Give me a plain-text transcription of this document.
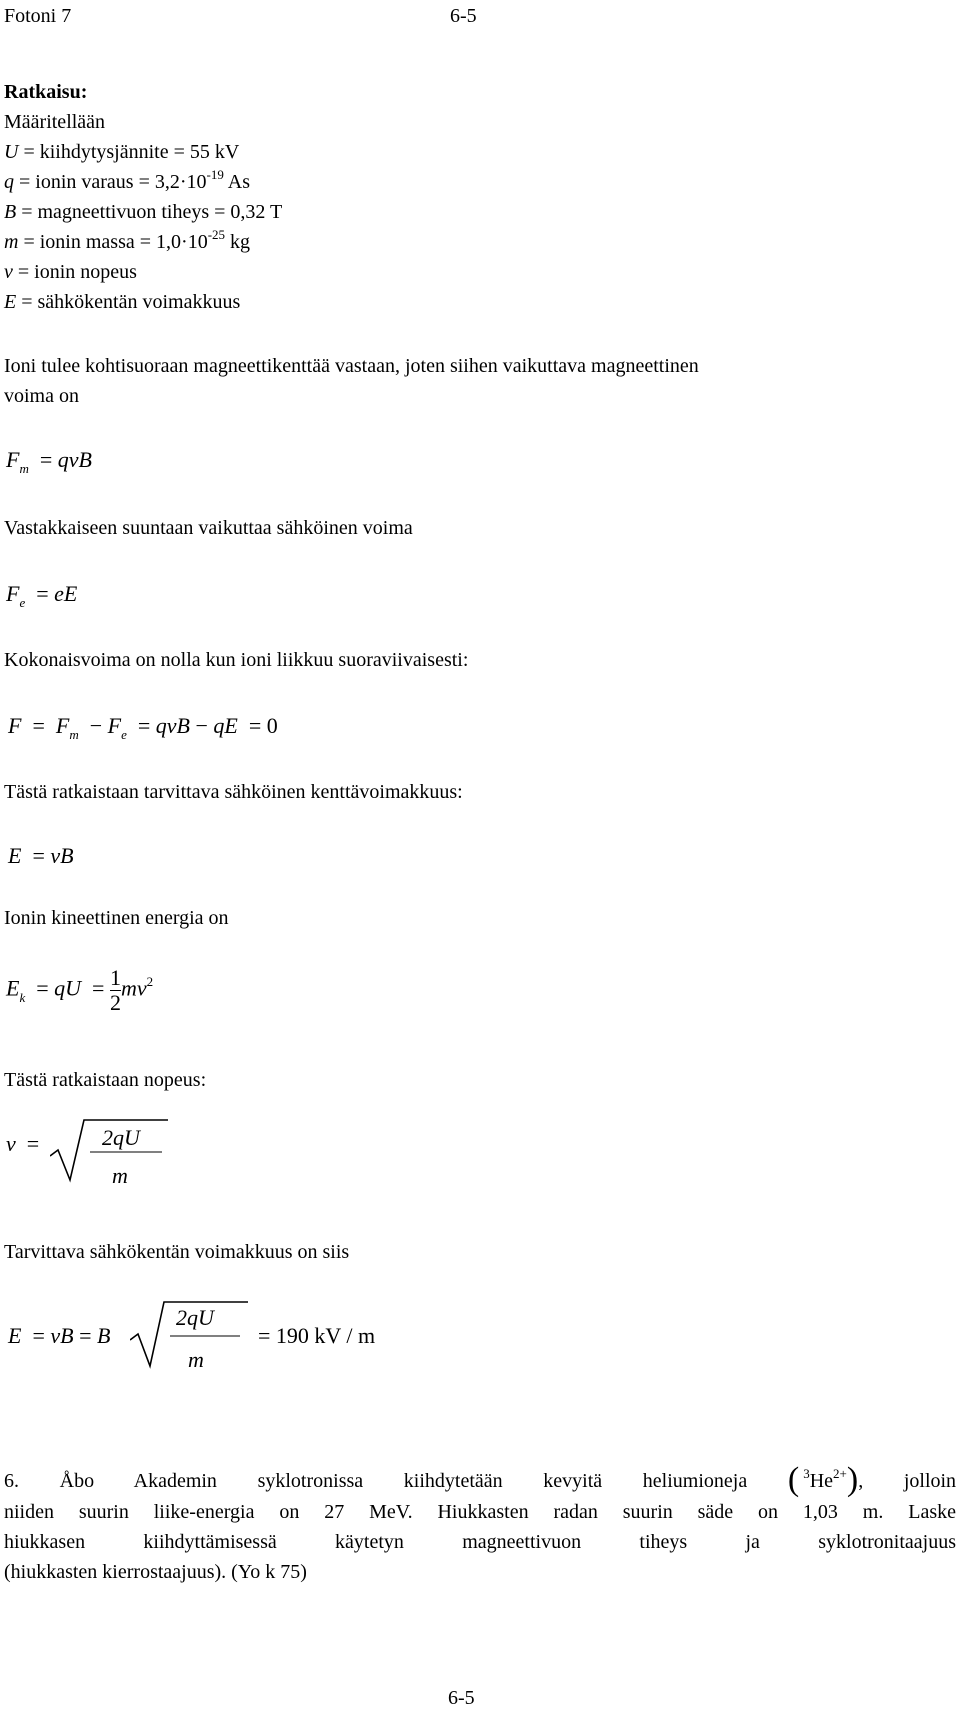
Fotoni 7	6-5
Ratkaisu:
Määritellään
U = kiihdytysjännite = 55 kV
q = ionin varaus = $3,2\cdot 10^{-19}$ As
B = magneettivuon tiheys = 0,32 T
m = ionin massa = $1,0\cdot 10^{-25}$ kg
v = ionin nopeus
E = sähkökentän voimakkuus
Ioni tulee kohtisuoraan magneettikenttää vastaan, joten siihen vaikuttava magneettinen
voima on
$F_m$  = qvB
Vastakkaiseen suuntaan vaikuttaa sähköinen voima
$F_e$  = eE
Kokonaisvoima on nolla kun ioni liikkuu suoraviivaisesti:
$F = F_m - F_e$  = qvB − qE  = 0
Tästä ratkaistaan tarvittava sähköinen kenttävoimakkuus:
E  = vB
Ionin kineettinen energia on
$E_k$  = qU  = $\frac{1}{2} mv^2$
Tästä ratkaistaan nopeus:
v  =	2qU
m
Tarvittava sähkökentän voimakkuus on siis
E  = vB = B
2qU
m
= 190 kV / m
6. Åbo Akademin syklotronissa kiihdytetään kevyitä heliumioneja (  $^3He^{2+}$), jolloin
niiden suurin liike-energia on 27 MeV. Hiukkasten radan suurin säde on 1,03 m. Laske
hiukkasen kiihdyttämisessä käytetyn magneettivuon tiheys ja syklotronitaajuus
(hiukkasten kierrostaajuus). (Yo k 75)
6-5
